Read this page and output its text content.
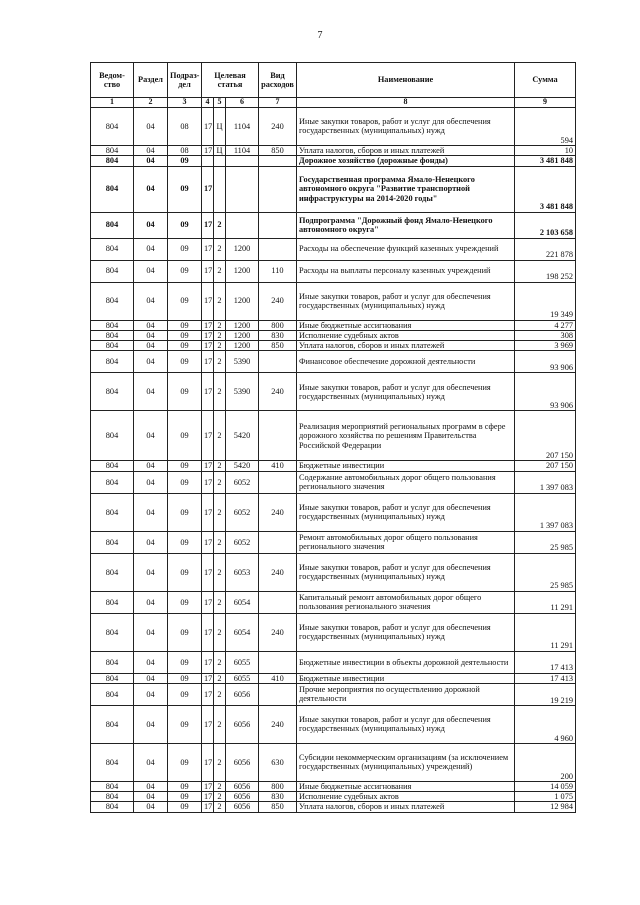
7
Ведом-ство	Раздел	Подраз-дел	Целевая статья			Вид расходов	Наименование	Сумма
1	2	3	4	5	6	7	8	9
804	04	08	17	Ц	1104	240	Иные закупки товаров, работ и услуг для обеспечения государственных (муниципальных) нужд	594
804	04	08	17	Ц	1104	850	Уплата налогов, сборов и иных платежей	10
804	04	09					Дорожное хозяйство (дорожные фонды)	3 481 848
804	04	09	17				Государственная программа Ямало-Ненецкого автономного округа "Развитие транспортной инфраструктуры на 2014-2020 годы"	3 481 848
804	04	09	17	2			Подпрограмма "Дорожный фонд Ямало-Ненецкого автономного округа"	2 103 658
804	04	09	17	2	1200		Расходы на обеспечение функций казенных учреждений	221 878
804	04	09	17	2	1200	110	Расходы на выплаты персоналу казенных учреждений	198 252
804	04	09	17	2	1200	240	Иные закупки товаров, работ и услуг для обеспечения государственных (муниципальных) нужд	19 349
804	04	09	17	2	1200	800	Иные бюджетные ассигнования	4 277
804	04	09	17	2	1200	830	Исполнение судебных актов	308
804	04	09	17	2	1200	850	Уплата налогов, сборов и иных платежей	3 969
804	04	09	17	2	5390		Финансовое обеспечение дорожной деятельности	93 906
804	04	09	17	2	5390	240	Иные закупки товаров, работ и услуг для обеспечения государственных (муниципальных) нужд	93 906
804	04	09	17	2	5420		Реализация мероприятий региональных программ в сфере дорожного хозяйства по решениям Правительства Российской Федерации	207 150
804	04	09	17	2	5420	410	Бюджетные инвестиции	207 150
804	04	09	17	2	6052		Содержание автомобильных дорог общего пользования регионального значения	1 397 083
804	04	09	17	2	6052	240	Иные закупки товаров, работ и услуг для обеспечения государственных (муниципальных) нужд	1 397 083
804	04	09	17	2	6052		Ремонт автомобильных дорог общего пользования регионального значения	25 985
804	04	09	17	2	6053	240	Иные закупки товаров, работ и услуг для обеспечения государственных (муниципальных) нужд	25 985
804	04	09	17	2	6054		Капитальный ремонт автомобильных дорог общего пользования регионального значения	11 291
804	04	09	17	2	6054	240	Иные закупки товаров, работ и услуг для обеспечения государственных (муниципальных) нужд	11 291
804	04	09	17	2	6055		Бюджетные инвестиции в объекты дорожной деятельности	17 413
804	04	09	17	2	6055	410	Бюджетные инвестиции	17 413
804	04	09	17	2	6056		Прочие мероприятия по осуществлению дорожной деятельности	19 219
804	04	09	17	2	6056	240	Иные закупки товаров, работ и услуг для обеспечения государственных (муниципальных) нужд	4 960
804	04	09	17	2	6056	630	Субсидии некоммерческим организациям (за исключением государственных (муниципальных) учреждений)	200
804	04	09	17	2	6056	800	Иные бюджетные ассигнования	14 059
804	04	09	17	2	6056	830	Исполнение судебных актов	1 075
804	04	09	17	2	6056	850	Уплата налогов, сборов и иных платежей	12 984
